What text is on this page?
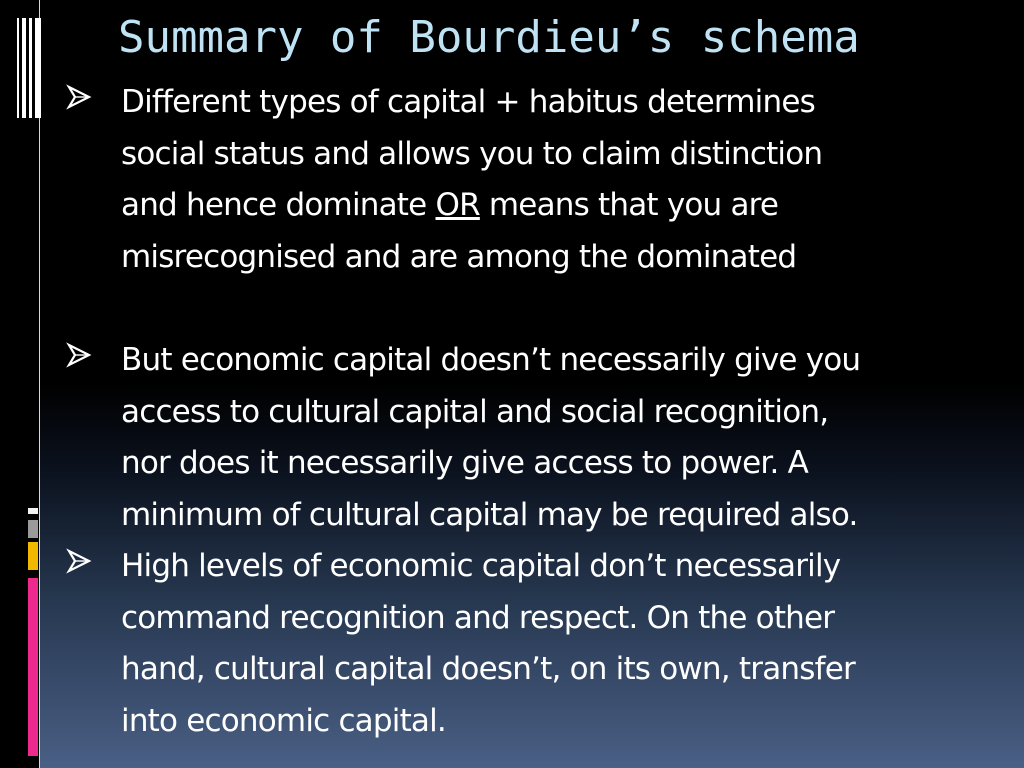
Summary of Bourdieu’s schema

Different types of capital + habitus determines
social status and allows you to claim distinction
and hence dominate OR means that you are
misrecognised and are among the dominated

But economic capital doesn’t necessarily give you
access to cultural capital and social recognition,
nor does it necessarily give access to power. A
minimum of cultural capital may be required also.

High levels of economic capital don’t necessarily
command recognition and respect. On the other
hand, cultural capital doesn’t, on its own, transfer
into economic capital.
